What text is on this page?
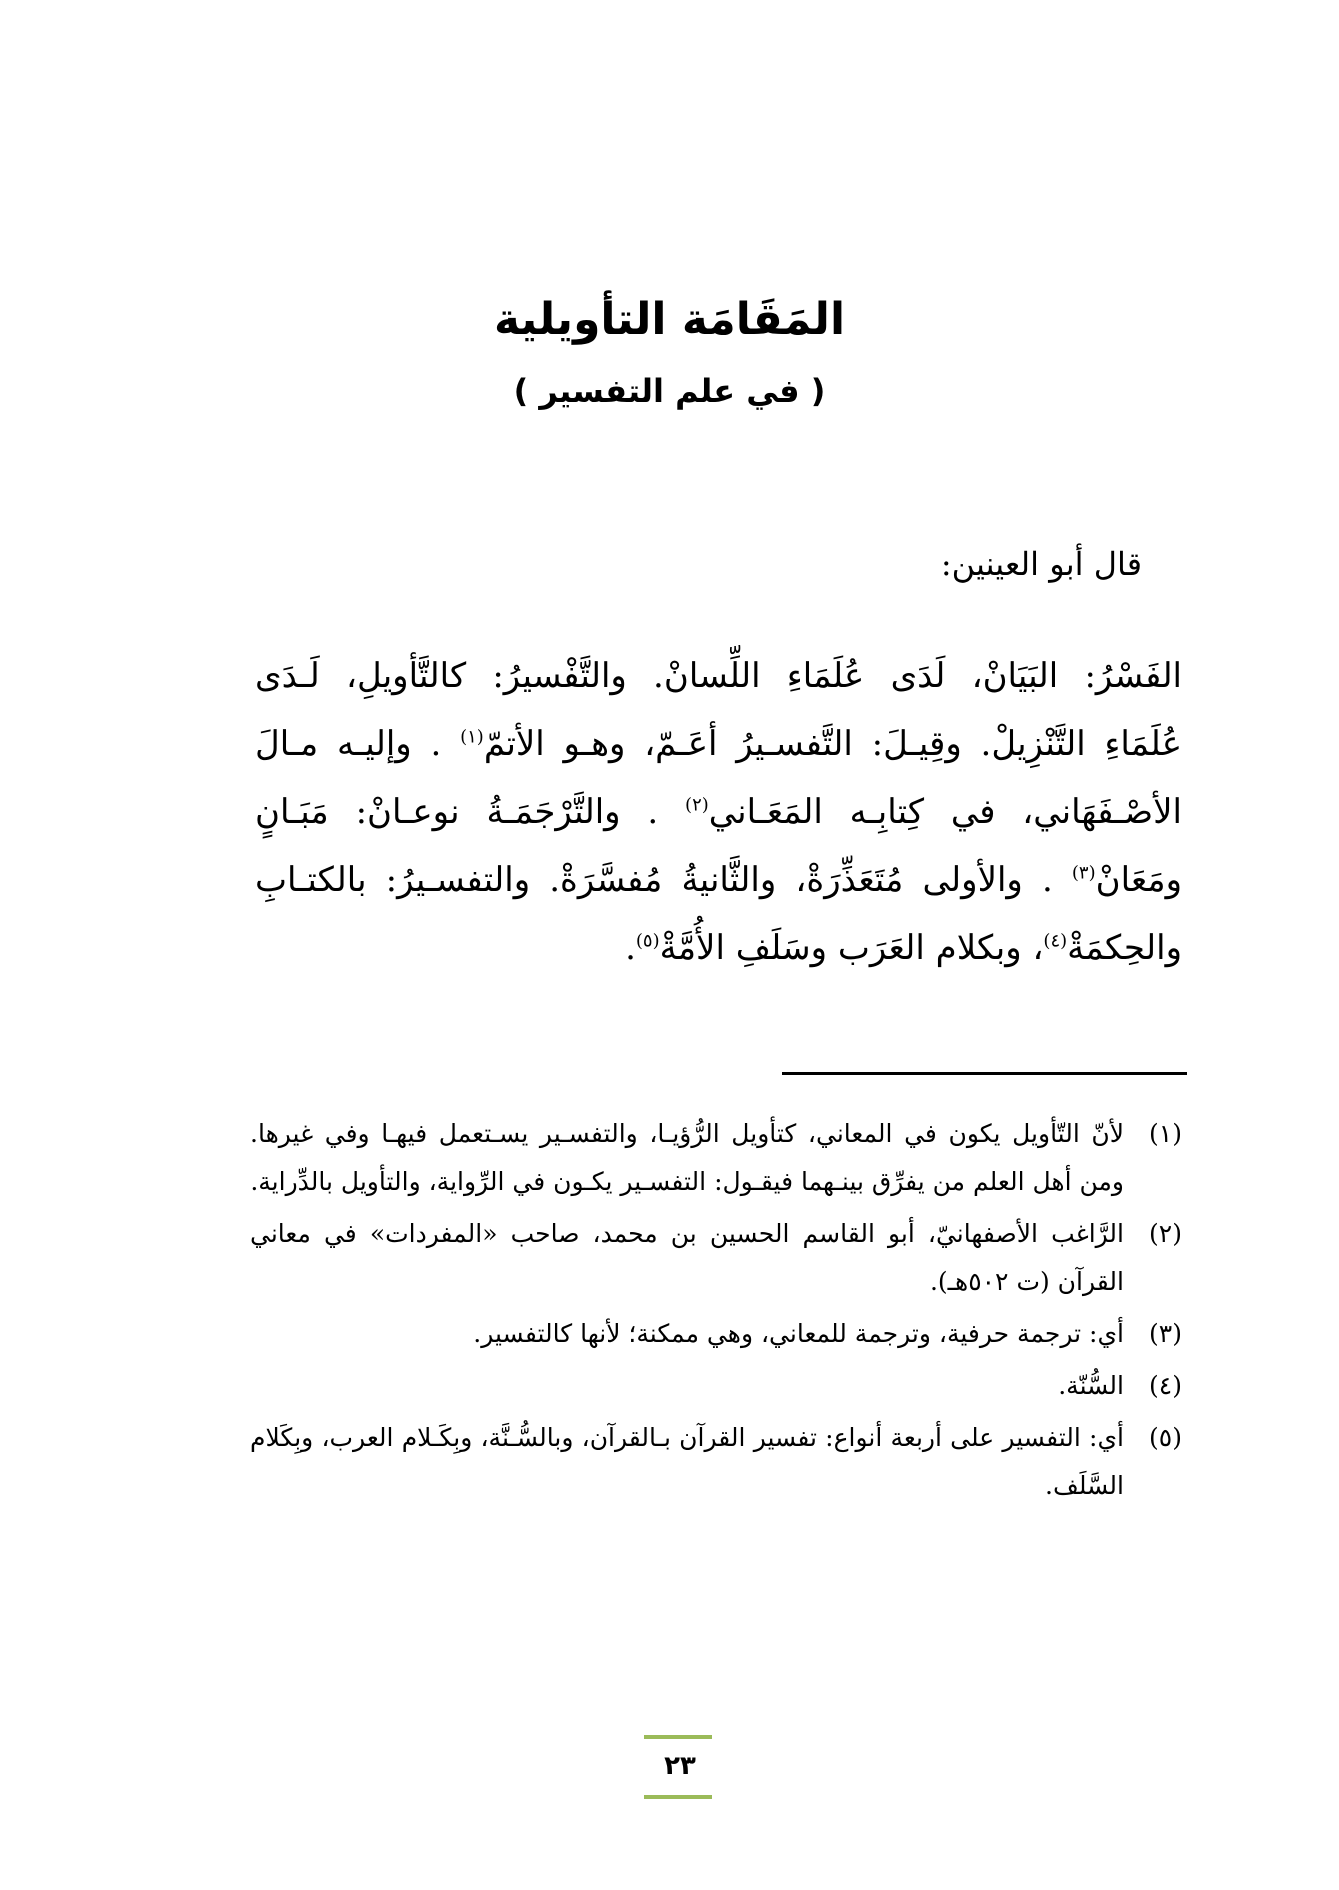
المَقَامَة التأويلية
( في علم التفسير )
قال أبو العينين:
الفَسْرُ: البَيَانْ، لَدَى عُلَمَاءِ اللِّسانْ. والتَّفْسيرُ: كالتَّأويلِ، لَـدَى
عُلَمَاءِ التَّنْزِيلْ. وقِيـلَ: التَّفسـيرُ أعَـمّ، وهـو الأتمّ$^{(١)}$ . وإليـه مـالَ
الأصْـفَهَاني، في كِتابِـه المَعَـاني$^{(٢)}$ . والتَّرْجَمَـةُ نوعـانْ: مَبَـانٍ
ومَعَانْ$^{(٣)}$ . والأولى مُتَعَذِّرَةْ، والثَّانيةُ مُفسَّرَةْ. والتفسـيرُ: بالكتـابِ
والحِكمَةْ$^{(٤)}$، وبكلام العَرَب وسَلَفِ الأُمَّةْ$^{(٥)}$.
(١)
لأنّ التّأويل يكون في المعاني، كتأويل الرُّؤيـا، والتفسـير يسـتعمل فيهـا وفي غيرها. ومن أهل العلم من يفرِّق بينـهما فيقـول: التفسـير يكـون في الرِّواية، والتأويل بالدِّراية.
(٢)
الرَّاغب الأصفهانيّ، أبو القاسم الحسين بن محمد، صاحب «المفردات» في معاني القرآن (ت ٥٠٢هـ).
(٣)
أي: ترجمة حرفية، وترجمة للمعاني، وهي ممكنة؛ لأنها كالتفسير.
(٤)
السُّنّة.
(٥)
أي: التفسير على أربعة أنواع: تفسير القرآن بـالقرآن، وبالسُّـنَّة، وبِكَـلام العرب، وبِكَلام السَّلَف.
٢٣
